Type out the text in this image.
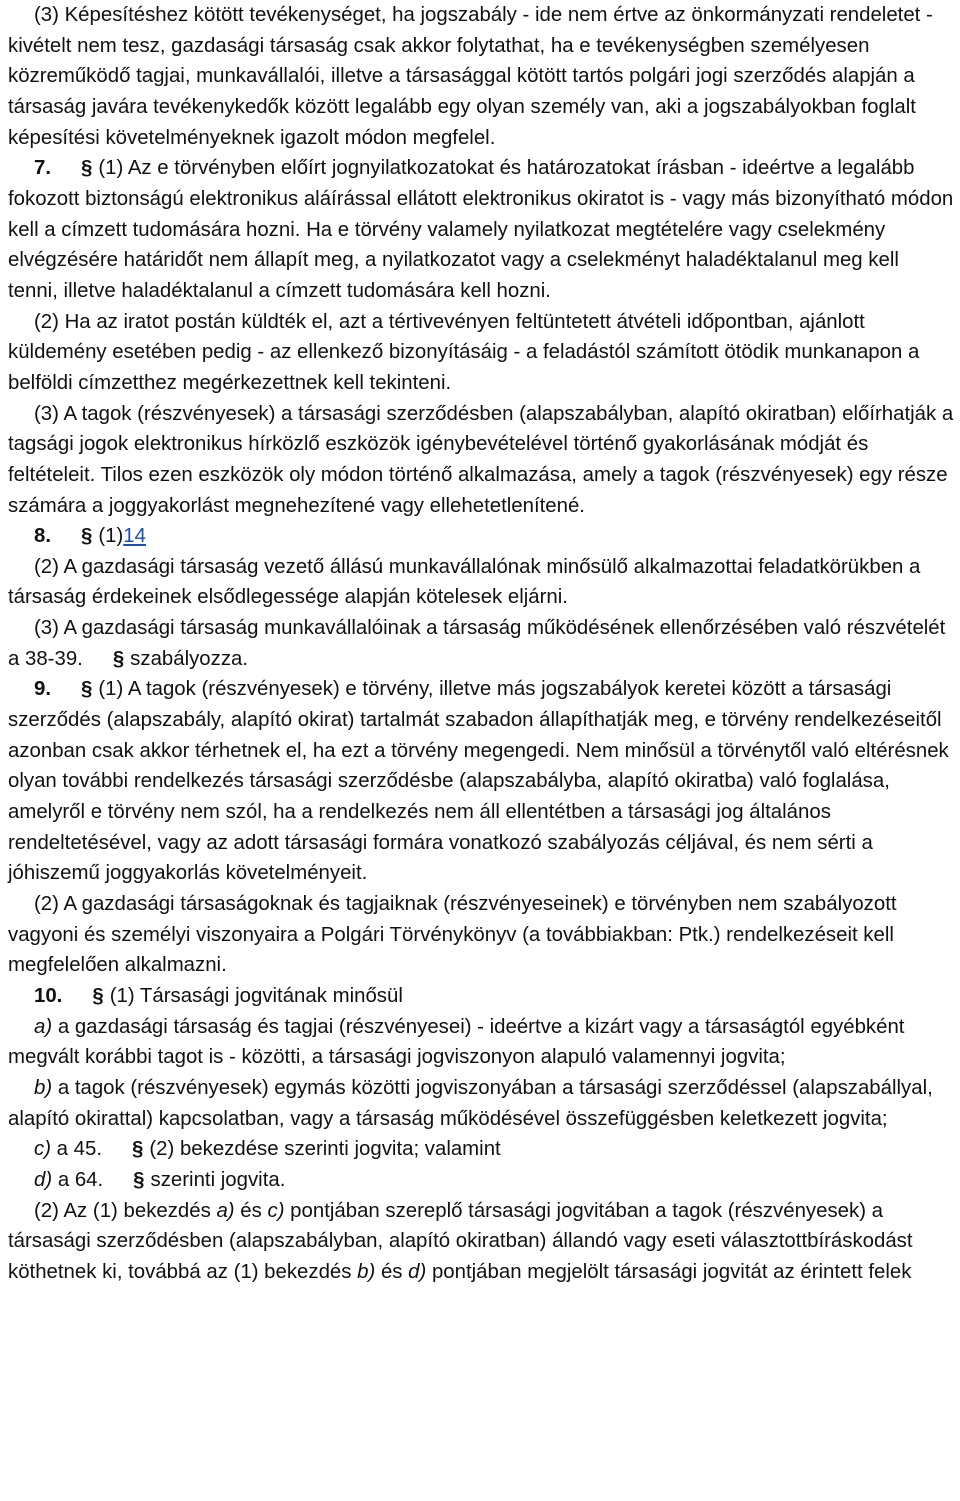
(3) Képesítéshez kötött tevékenységet, ha jogszabály - ide nem értve az önkormányzati rendeletet - kivételt nem tesz, gazdasági társaság csak akkor folytathat, ha e tevékenységben személyesen közreműködő tagjai, munkavállalói, illetve a társasággal kötött tartós polgári jogi szerződés alapján a társaság javára tevékenykedők között legalább egy olyan személy van, aki a jogszabályokban foglalt képesítési követelményeknek igazolt módon megfelel.

7. § (1) Az e törvényben előírt jognyilatkozatokat és határozatokat írásban - ideértve a legalább fokozott biztonságú elektronikus aláírással ellátott elektronikus okiratot is - vagy más bizonyítható módon kell a címzett tudomására hozni. Ha e törvény valamely nyilatkozat megtételére vagy cselekmény elvégzésére határidőt nem állapít meg, a nyilatkozatot vagy a cselekményt haladéktalanul meg kell tenni, illetve haladéktalanul a címzett tudomására kell hozni.

(2) Ha az iratot postán küldték el, azt a tértivevényen feltüntetett átvételi időpontban, ajánlott küldemény esetében pedig - az ellenkező bizonyításáig - a feladástól számított ötödik munkanapon a belföldi címzetthez megérkezettnek kell tekinteni.

(3) A tagok (részvényesek) a társasági szerződésben (alapszabályban, alapító okiratban) előírhatják a tagsági jogok elektronikus hírközlő eszközök igénybevételével történő gyakorlásának módját és feltételeit. Tilos ezen eszközök oly módon történő alkalmazása, amely a tagok (részvényesek) egy része számára a joggyakorlást megnehezítené vagy ellehetetlenítené.

8. § (1)14

(2) A gazdasági társaság vezető állású munkavállalónak minősülő alkalmazottai feladatkörükben a társaság érdekeinek elsődlegessége alapján kötelesek eljárni.

(3) A gazdasági társaság munkavállalóinak a társaság működésének ellenőrzésében való részvételét a 38-39. § szabályozza.

9. § (1) A tagok (részvényesek) e törvény, illetve más jogszabályok keretei között a társasági szerződés (alapszabály, alapító okirat) tartalmát szabadon állapíthatják meg, e törvény rendelkezéseitől azonban csak akkor térhetnek el, ha ezt a törvény megengedi. Nem minősül a törvénytől való eltérésnek olyan további rendelkezés társasági szerződésbe (alapszabályba, alapító okiratba) való foglalása, amelyről e törvény nem szól, ha a rendelkezés nem áll ellentétben a társasági jog általános rendeltetésével, vagy az adott társasági formára vonatkozó szabályozás céljával, és nem sérti a jóhiszemű joggyakorlás követelményeit.

(2) A gazdasági társaságoknak és tagjaiknak (részvényeseinek) e törvényben nem szabályozott vagyoni és személyi viszonyaira a Polgári Törvénykönyv (a továbbiakban: Ptk.) rendelkezéseit kell megfelelően alkalmazni.

10. § (1) Társasági jogvitának minősül

a) a gazdasági társaság és tagjai (részvényesei) - ideértve a kizárt vagy a társaságtól egyébként megvált korábbi tagot is - közötti, a társasági jogviszonyon alapuló valamennyi jogvita;

b) a tagok (részvényesek) egymás közötti jogviszonyában a társasági szerződéssel (alapszabállyal, alapító okirattal) kapcsolatban, vagy a társaság működésével összefüggésben keletkezett jogvita;

c) a 45. § (2) bekezdése szerinti jogvita; valamint

d) a 64. § szerinti jogvita.

(2) Az (1) bekezdés a) és c) pontjában szereplő társasági jogvitában a tagok (részvényesek) a társasági szerződésben (alapszabályban, alapító okiratban) állandó vagy eseti választottbíráskodást köthetnek ki, továbbá az (1) bekezdés b) és d) pontjában megjelölt társasági jogvitát az érintett felek
